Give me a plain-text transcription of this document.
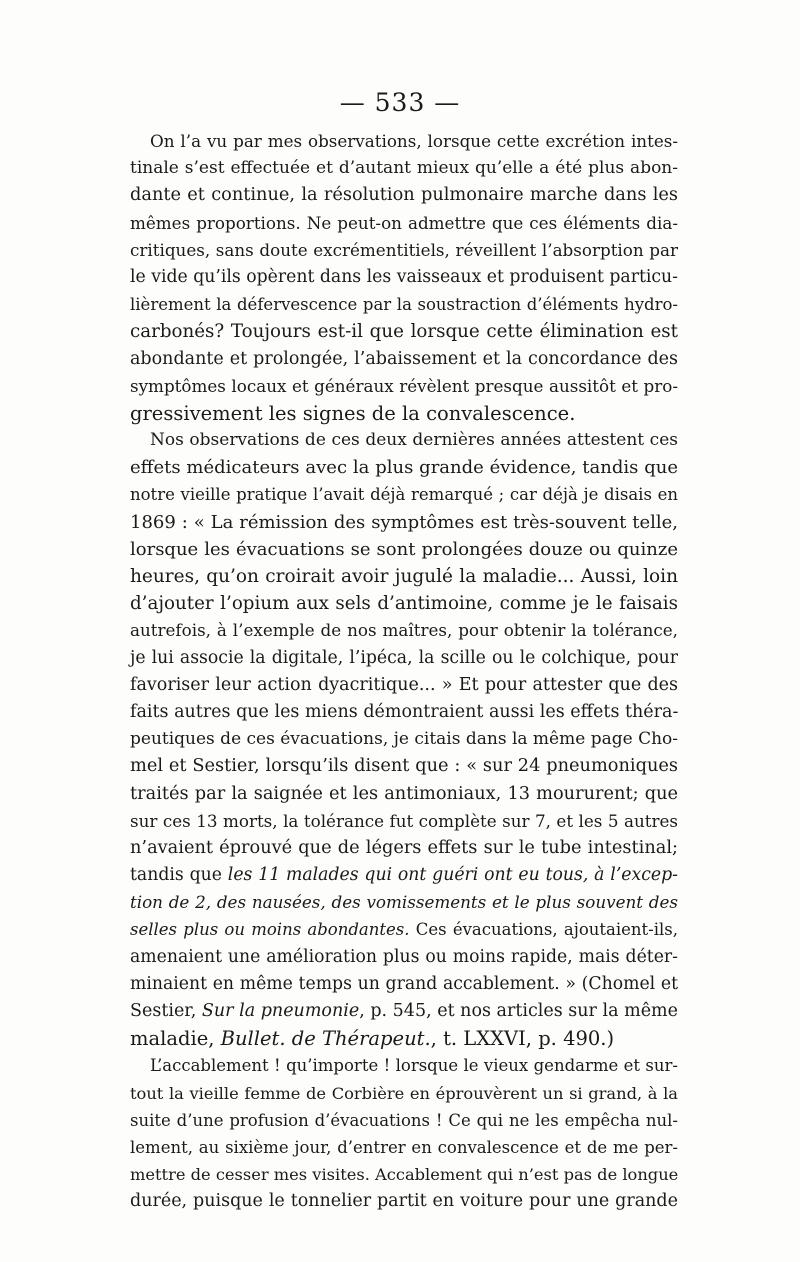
— 533 —
On l’a vu par mes observations, lorsque cette excrétion intes-
tinale s’est effectuée et d’autant mieux qu’elle a été plus abon-
dante et continue, la résolution pulmonaire marche dans les
mêmes proportions. Ne peut-on admettre que ces éléments dia-
critiques, sans doute excrémentitiels, réveillent l’absorption par
le vide qu’ils opèrent dans les vaisseaux et produisent particu-
lièrement la défervescence par la soustraction d’éléments hydro-
carbonés? Toujours est-il que lorsque cette élimination est
abondante et prolongée, l’abaissement et la concordance des
symptômes locaux et généraux révèlent presque aussitôt et pro-
gressivement les signes de la convalescence.
Nos observations de ces deux dernières années attestent ces
effets médicateurs avec la plus grande évidence, tandis que
notre vieille pratique l’avait déjà remarqué ; car déjà je disais en
1869 : « La rémission des symptômes est très-souvent telle,
lorsque les évacuations se sont prolongées douze ou quinze
heures, qu’on croirait avoir jugulé la maladie... Aussi, loin
d’ajouter l’opium aux sels d’antimoine, comme je le faisais
autrefois, à l’exemple de nos maîtres, pour obtenir la tolérance,
je lui associe la digitale, l’ipéca, la scille ou le colchique, pour
favoriser leur action dyacritique... » Et pour attester que des
faits autres que les miens démontraient aussi les effets théra-
peutiques de ces évacuations, je citais dans la même page Cho-
mel et Sestier, lorsqu’ils disent que : « sur 24 pneumoniques
traités par la saignée et les antimoniaux, 13 moururent; que
sur ces 13 morts, la tolérance fut complète sur 7, et les 5 autres
n’avaient éprouvé que de légers effets sur le tube intestinal;
tandis que les 11 malades qui ont guéri ont eu tous, à l’excep-
tion de 2, des nausées, des vomissements et le plus souvent des
selles plus ou moins abondantes. Ces évacuations, ajoutaient-ils,
amenaient une amélioration plus ou moins rapide, mais déter-
minaient en même temps un grand accablement. » (Chomel et
Sestier, Sur la pneumonie, p. 545, et nos articles sur la même
maladie, Bullet. de Thérapeut., t. LXXVI, p. 490.)
L’accablement ! qu’importe ! lorsque le vieux gendarme et sur-
tout la vieille femme de Corbière en éprouvèrent un si grand, à la
suite d’une profusion d’évacuations ! Ce qui ne les empêcha nul-
lement, au sixième jour, d’entrer en convalescence et de me per-
mettre de cesser mes visites. Accablement qui n’est pas de longue
durée, puisque le tonnelier partit en voiture pour une grande
